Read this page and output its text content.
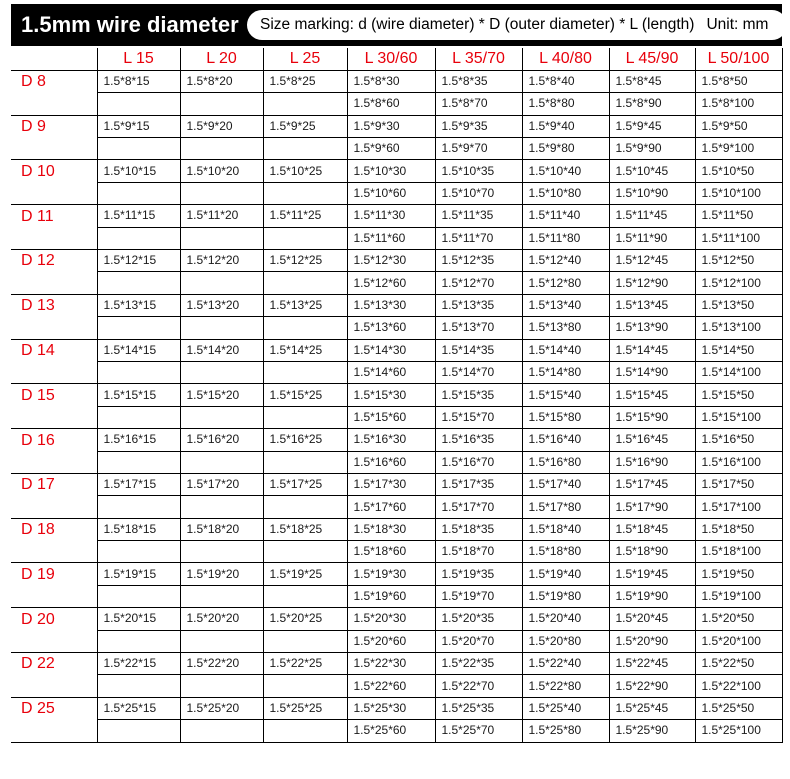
1.5mm wire diameter Size marking: d (wire diameter) * D (outer diameter) * L (length) Unit: mm
	L 15	L 20	L 25	L 30/60	L 35/70	L 40/80	L 45/90	L 50/100
D 8	1.5*8*15	1.5*8*20	1.5*8*25	1.5*8*30	1.5*8*35	1.5*8*40	1.5*8*45	1.5*8*50
				1.5*8*60	1.5*8*70	1.5*8*80	1.5*8*90	1.5*8*100
D 9	1.5*9*15	1.5*9*20	1.5*9*25	1.5*9*30	1.5*9*35	1.5*9*40	1.5*9*45	1.5*9*50
				1.5*9*60	1.5*9*70	1.5*9*80	1.5*9*90	1.5*9*100
D 10	1.5*10*15	1.5*10*20	1.5*10*25	1.5*10*30	1.5*10*35	1.5*10*40	1.5*10*45	1.5*10*50
				1.5*10*60	1.5*10*70	1.5*10*80	1.5*10*90	1.5*10*100
D 11	1.5*11*15	1.5*11*20	1.5*11*25	1.5*11*30	1.5*11*35	1.5*11*40	1.5*11*45	1.5*11*50
				1.5*11*60	1.5*11*70	1.5*11*80	1.5*11*90	1.5*11*100
D 12	1.5*12*15	1.5*12*20	1.5*12*25	1.5*12*30	1.5*12*35	1.5*12*40	1.5*12*45	1.5*12*50
				1.5*12*60	1.5*12*70	1.5*12*80	1.5*12*90	1.5*12*100
D 13	1.5*13*15	1.5*13*20	1.5*13*25	1.5*13*30	1.5*13*35	1.5*13*40	1.5*13*45	1.5*13*50
				1.5*13*60	1.5*13*70	1.5*13*80	1.5*13*90	1.5*13*100
D 14	1.5*14*15	1.5*14*20	1.5*14*25	1.5*14*30	1.5*14*35	1.5*14*40	1.5*14*45	1.5*14*50
				1.5*14*60	1.5*14*70	1.5*14*80	1.5*14*90	1.5*14*100
D 15	1.5*15*15	1.5*15*20	1.5*15*25	1.5*15*30	1.5*15*35	1.5*15*40	1.5*15*45	1.5*15*50
				1.5*15*60	1.5*15*70	1.5*15*80	1.5*15*90	1.5*15*100
D 16	1.5*16*15	1.5*16*20	1.5*16*25	1.5*16*30	1.5*16*35	1.5*16*40	1.5*16*45	1.5*16*50
				1.5*16*60	1.5*16*70	1.5*16*80	1.5*16*90	1.5*16*100
D 17	1.5*17*15	1.5*17*20	1.5*17*25	1.5*17*30	1.5*17*35	1.5*17*40	1.5*17*45	1.5*17*50
				1.5*17*60	1.5*17*70	1.5*17*80	1.5*17*90	1.5*17*100
D 18	1.5*18*15	1.5*18*20	1.5*18*25	1.5*18*30	1.5*18*35	1.5*18*40	1.5*18*45	1.5*18*50
				1.5*18*60	1.5*18*70	1.5*18*80	1.5*18*90	1.5*18*100
D 19	1.5*19*15	1.5*19*20	1.5*19*25	1.5*19*30	1.5*19*35	1.5*19*40	1.5*19*45	1.5*19*50
				1.5*19*60	1.5*19*70	1.5*19*80	1.5*19*90	1.5*19*100
D 20	1.5*20*15	1.5*20*20	1.5*20*25	1.5*20*30	1.5*20*35	1.5*20*40	1.5*20*45	1.5*20*50
				1.5*20*60	1.5*20*70	1.5*20*80	1.5*20*90	1.5*20*100
D 22	1.5*22*15	1.5*22*20	1.5*22*25	1.5*22*30	1.5*22*35	1.5*22*40	1.5*22*45	1.5*22*50
				1.5*22*60	1.5*22*70	1.5*22*80	1.5*22*90	1.5*22*100
D 25	1.5*25*15	1.5*25*20	1.5*25*25	1.5*25*30	1.5*25*35	1.5*25*40	1.5*25*45	1.5*25*50
				1.5*25*60	1.5*25*70	1.5*25*80	1.5*25*90	1.5*25*100
